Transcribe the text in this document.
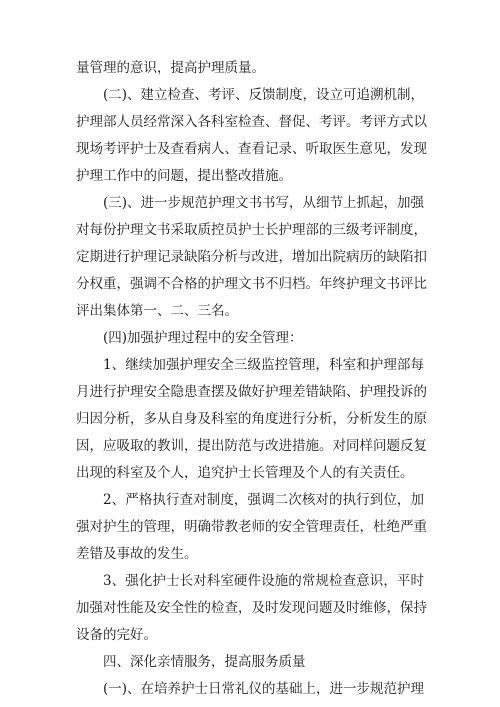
量管理的意识，提高护理质量。
(二)、建立检查、考评、反馈制度，设立可追溯机制，
护理部人员经常深入各科室检查、督促、考评。考评方式以
现场考评护士及查看病人、查看记录、听取医生意见，发现
护理工作中的问题，提出整改措施。
(三)、进一步规范护理文书书写，从细节上抓起，加强
对每份护理文书采取质控员护士长护理部的三级考评制度，
定期进行护理记录缺陷分析与改进，增加出院病历的缺陷扣
分权重，强调不合格的护理文书不归档。年终护理文书评比
评出集体第一、二、三名。
(四)加强护理过程中的安全管理：
1、继续加强护理安全三级监控管理，科室和护理部每
月进行护理安全隐患查摆及做好护理差错缺陷、护理投诉的
归因分析，多从自身及科室的角度进行分析，分析发生的原
因，应吸取的教训，提出防范与改进措施。对同样问题反复
出现的科室及个人，追究护士长管理及个人的有关责任。
2、严格执行查对制度，强调二次核对的执行到位，加
强对护生的管理，明确带教老师的安全管理责任，杜绝严重
差错及事故的发生。
3、强化护士长对科室硬件设施的常规检查意识，平时
加强对性能及安全性的检查，及时发现问题及时维修，保持
设备的完好。
四、深化亲情服务，提高服务质量
(一)、在培养护士日常礼仪的基础上，进一步规范护理
